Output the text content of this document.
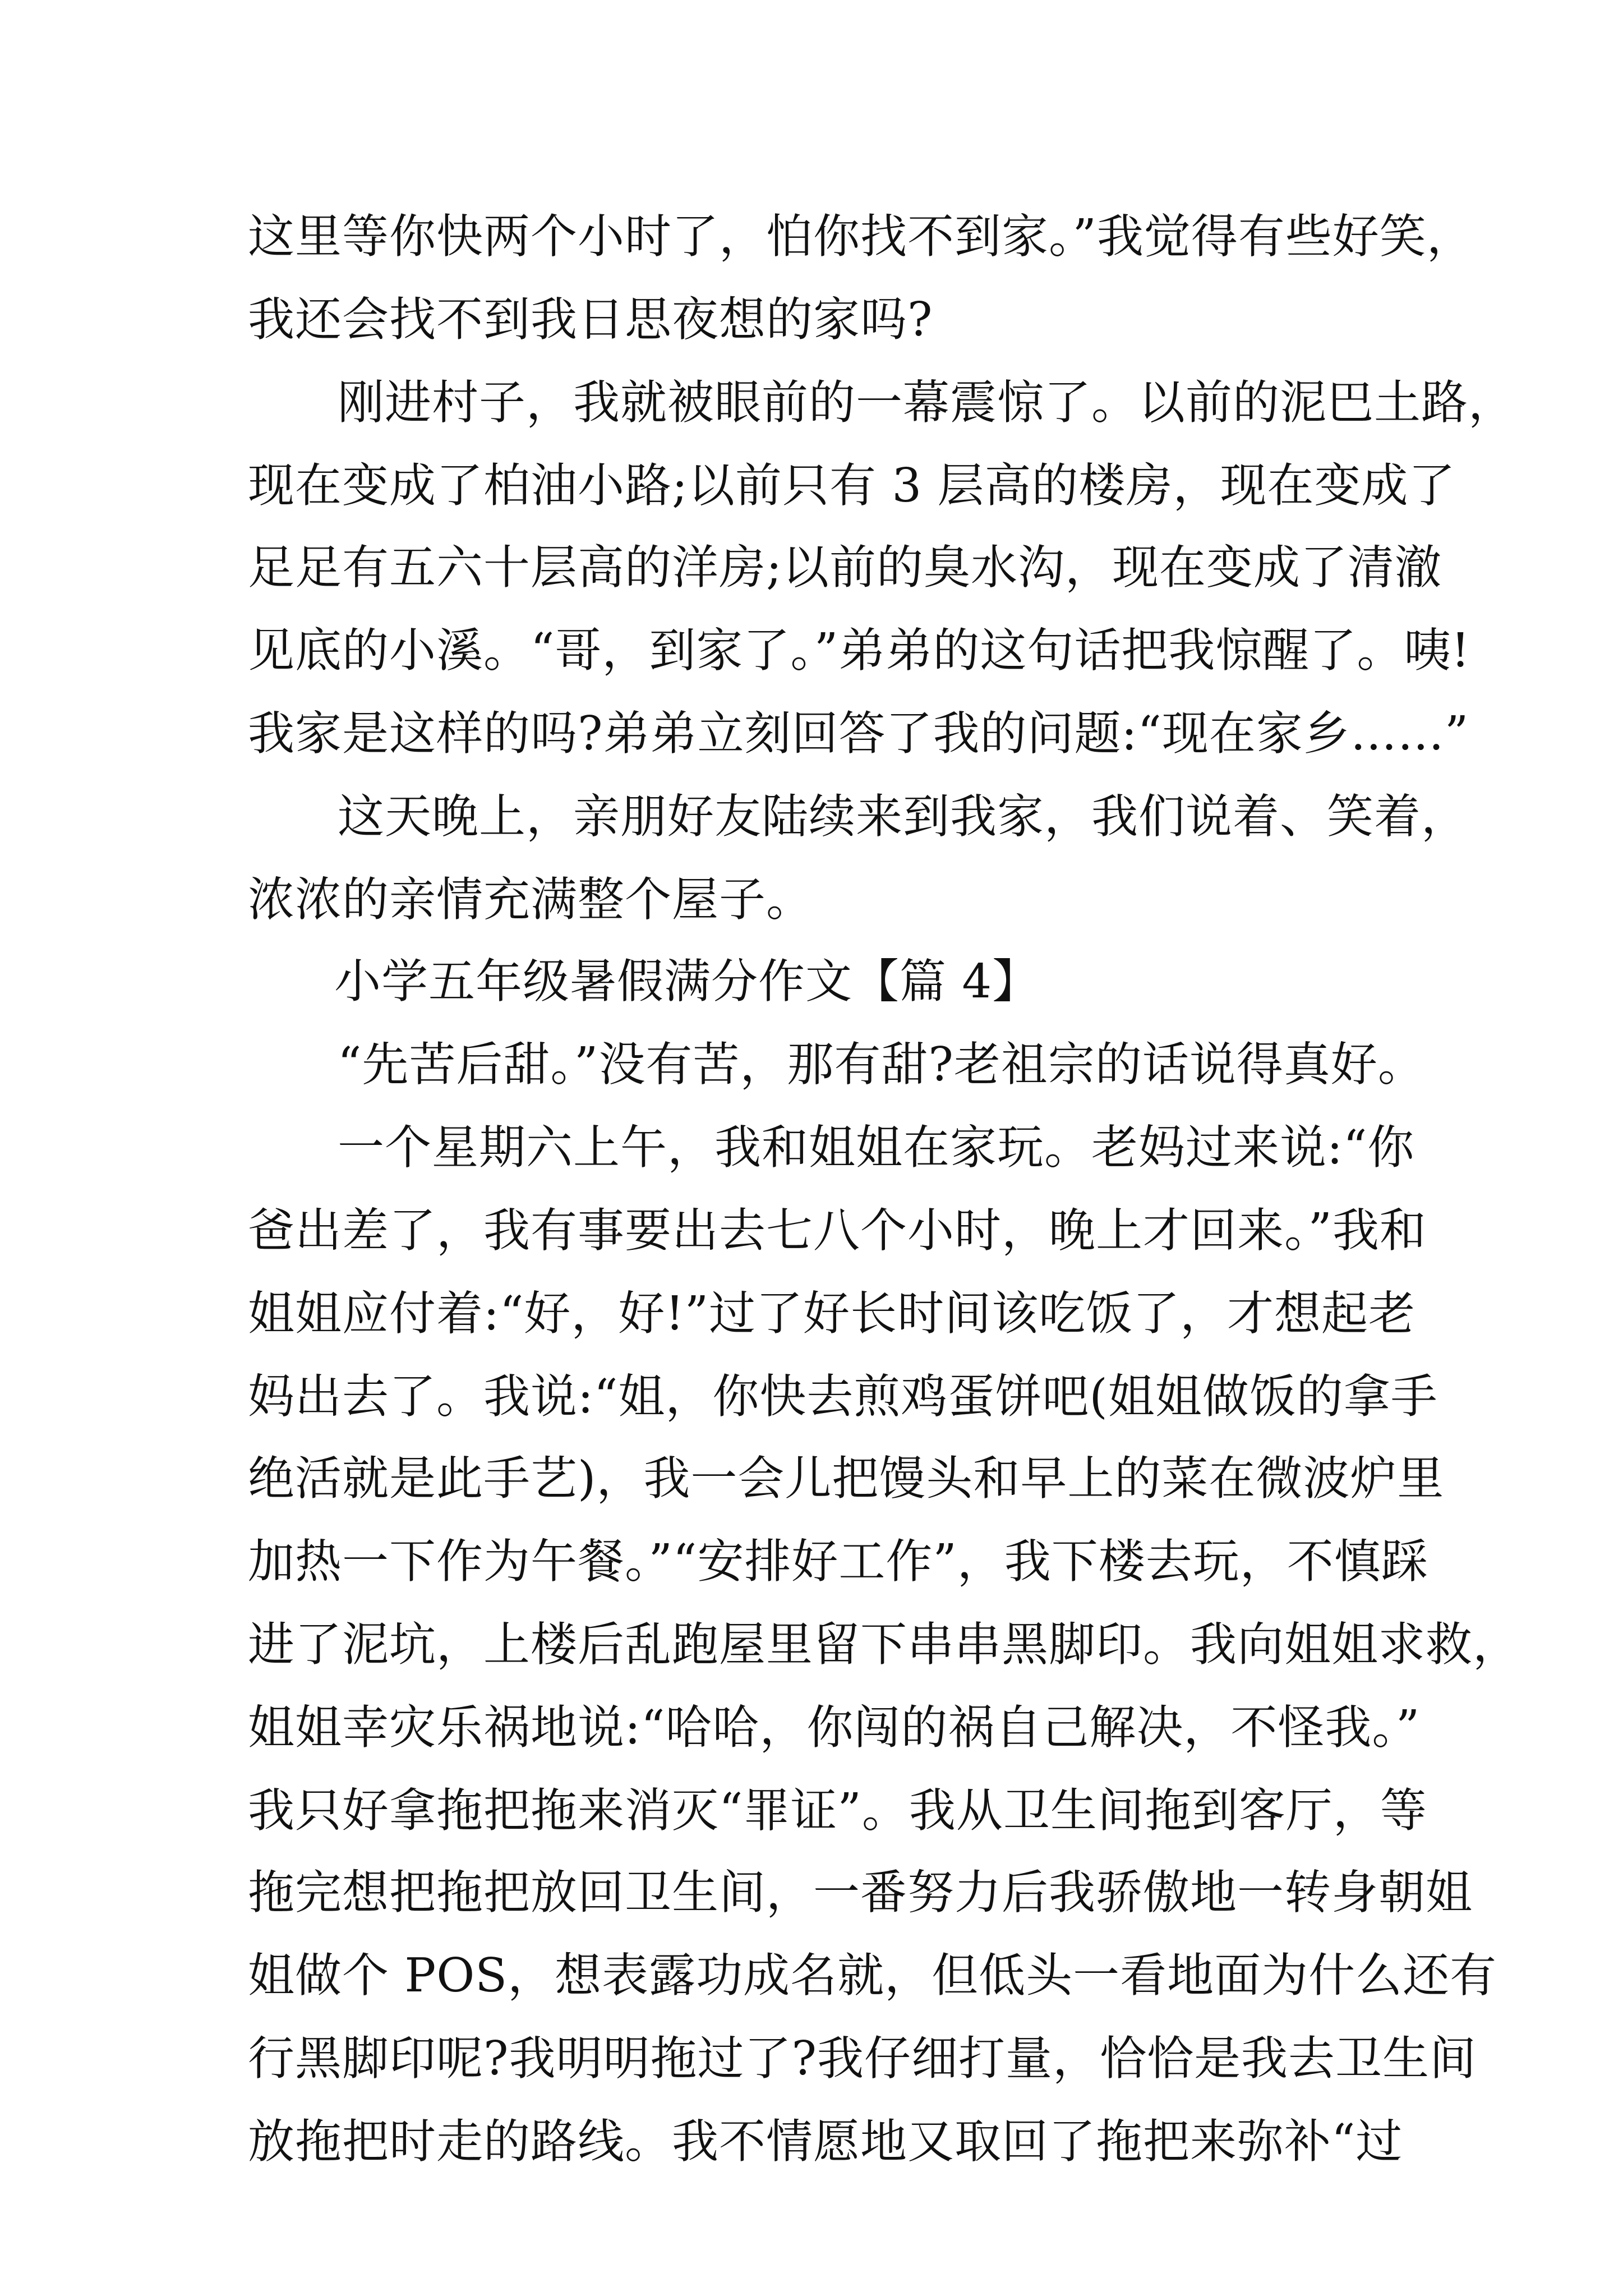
这里等你快两个小时了，怕你找不到家。”我觉得有些好笑，

我还会找不到我日思夜想的家吗?

刚进村子，我就被眼前的一幕震惊了。以前的泥巴土路，

现在变成了柏油小路;以前只有 3 层高的楼房，现在变成了

足足有五六十层高的洋房;以前的臭水沟，现在变成了清澈

见底的小溪。“哥，到家了。”弟弟的这句话把我惊醒了。咦!

我家是这样的吗?弟弟立刻回答了我的问题:“现在家乡……”

这天晚上，亲朋好友陆续来到我家，我们说着、笑着，

浓浓的亲情充满整个屋子。

小学五年级暑假满分作文【篇 4】

“先苦后甜。”没有苦，那有甜?老祖宗的话说得真好。

一个星期六上午，我和姐姐在家玩。老妈过来说:“你

爸出差了，我有事要出去七八个小时，晚上才回来。”我和

姐姐应付着:“好，好!”过了好长时间该吃饭了，才想起老

妈出去了。我说:“姐，你快去煎鸡蛋饼吧(姐姐做饭的拿手

绝活就是此手艺)，我一会儿把馒头和早上的菜在微波炉里

加热一下作为午餐。”“安排好工作”，我下楼去玩，不慎踩

进了泥坑，上楼后乱跑屋里留下串串黑脚印。我向姐姐求救，

姐姐幸灾乐祸地说:“哈哈，你闯的祸自己解决，不怪我。”

我只好拿拖把拖来消灭“罪证”。我从卫生间拖到客厅，等

拖完想把拖把放回卫生间，一番努力后我骄傲地一转身朝姐

姐做个 POS，想表露功成名就，但低头一看地面为什么还有

行黑脚印呢?我明明拖过了?我仔细打量，恰恰是我去卫生间

放拖把时走的路线。我不情愿地又取回了拖把来弥补“过
